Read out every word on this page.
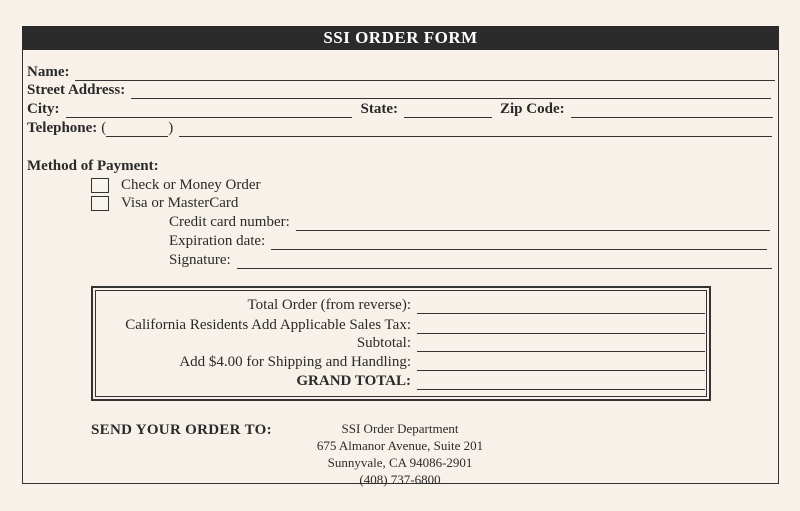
SSI ORDER FORM
Name:
Street Address:
City:	State:	Zip Code:
Telephone: (	)
Method of Payment:
Check or Money Order
Visa or MasterCard
Credit card number:
Expiration date:
Signature:
Total Order (from reverse):
California Residents Add Applicable Sales Tax:
Subtotal:
Add $4.00 for Shipping and Handling:
GRAND TOTAL:
SEND YOUR ORDER TO:	SSI Order Department
675 Almanor Avenue, Suite 201
Sunnyvale, CA 94086-2901
(408) 737-6800
